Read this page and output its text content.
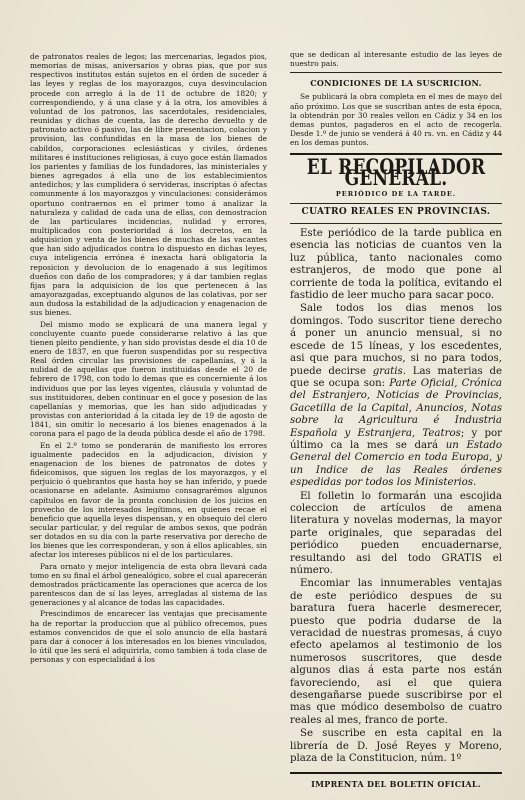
de patronatos reales de legos; las mercenarias, legados pios, memorias de misas, aniversarios y obras pias, que por sus respectivos institutos están sujetos en el órden de suceder á las leyes y reglas de los mayorazgos, cuya desvinculacion procede con arreglo á la de 11 de octubre de 1820; y correspondiendo, y á una clase y á la otra, los amovibles á voluntad de los patronos, las sacerdotales, residenciales, reunidas y dichas de cuenta, las de derecho devuelto y de patronato activo ó pasivo, las de libre presentacion, colacion y provision, las confundidas en la masa de los bienes de cabildos, corporaciones eclesiásticas y civiles, órdenes militares é instituciones religiosas, á cuyo goce están llamados los parientes y familias de los fundadores, las ministeriales y bienes agregados á ella uno de los establecimientos antedichos; y las cumplidera ó servideras, inscriptas ó afectas comunmente á los mayorazgos y vinculaciones: considerámos oportuno contraernos en el primer tomo á analizar la naturaleza y calidad de cada una de ellas, con demostracion de las particulares incidencias, nulidad y errores, multiplicados con posterioridad á los decretos, en la adquisicion y venta de los bienes de muchas de las vacantes que han sido adjudicados contra lo dispuesto en dichas leyes, cuya inteligencia errónea é inexacta hará obligatoria la reposicion y devolucion de lo enagenado á sus legítimos dueños con daño de los compradores; y á dar tambien reglas fijas para la adquisicion de los que pertenecen á las amayorazgadas, exceptuando algunos de las colativas, por ser aun dudosa la estabilidad de la adjudicacion y enagenacion de sus bienes.

Del mismo modo se explicará de una manera legal y concluyente cuanto puede considerarse relativo á las que tienen pleito pendiente, y han sido provistas desde el dia 10 de enero de 1837, en que fueron suspendidas por su respectiva Real órden circular las provisiones de capellanías, y á la nulidad de aquellas que fueron instituidas desde el 20 de febrero de 1798, con todo lo demas que es concerniente á los individuos que por las leyes vigentes, cláusula y voluntad de sus instituidores, deben continuar en el goce y posesion de las capellanías y memorias, que les han sido adjudicadas y provistas con anterioridad á la citada ley de 19 de agosto de 1841, sin omitir lo necesario á los bienes enagenados á la corona para el pago de la deuda pública desde el año de 1798.

En el 2.º tomo se ponderarán de manifiesto los errores igualmente padecidos en la adjudicacion, division y enagenacion de los bienes de patronatos de dotes y fideicomisos, que siguen los reglas de los mayorazgos, y el perjuicio ó quebrantos que hasta hoy se han inferido, y puede ocasionarse en adelante. Asimismo consagrarémos algunos capítulos en favor de la pronta conclusion de los juicios en provecho de los interesados legítimos, en quienes recae el beneficio que aquella leyes dispensan, y en obsequio del clero secular particular, y del regular de ambos sexos, que podrán ser dotados en su dia con la parte reservativa por derecho de los bienes que les corresponderan, y son á ellos aplicables, sin afectar los intereses públicos ni el de los particulares.

Para ornato y mejor inteligencia de esta obra llevará cada tomo en su final el árbol genealógico, sobre el cual aparecerán demostrados prácticamente las operaciones que acerca de los parentescos dan de sí las leyes, arregladas al sistema de las generaciones y al alcance de todas las capacidades.

Prescindimos de encarecer las ventajas que precisamente ha de reportar la produccion que al público ofrecemos, pues estamos convencidos de que el solo anuncio de ella bastará para dar á conocer á los interesados en los bienes vinculados, lo útil que les será el adquirirla, como tambien á toda clase de personas y con especialidad á los

que se dedican al interesante estudio de las leyes de nuestro pais.

CONDICIONES DE LA SUSCRICION.

Se publicará la obra completa en el mes de mayo del año próximo. Los que se suscriban antes de esta época, la obtendrán por 30 reales vellon en Cádiz y 34 en los demas puntos, pagaderos en el acto de recogerla. Desde 1.º de junio se venderá á 40 rs. vn. en Cádiz y 44 en los demas puntos.

EL RECOPILADOR GENERAL.
PERIÓDICO DE LA TARDE.
CUATRO REALES EN PROVINCIAS.

Este periódico de la tarde publica en esencia las noticias de cuantos ven la luz pública, tanto nacionales como estranjeros, de modo que pone al corriente de toda la política, evitando el fastidio de leer mucho para sacar poco.

Sale todos los dias menos los domingos. Todo suscritor tiene derecho á poner un anuncio mensual, si no escede de 15 líneas, y los escedentes, asi que para muchos, si no para todos, puede decirse gratis. Las materias de que se ocupa son: Parte Oficial, Crónica del Estranjero, Noticias de Provincias, Gacetilla de la Capital, Anuncios, Notas sobre la Agricultura é Industria Española y Estranjera, Teatros; y por último ca la mes se dará un Estado General del Comercio en toda Europa, y un Indice de las Reales órdenes espedidas por todos los Ministerios.

El folletin lo formarán una escojida coleccion de artículos de amena literatura y novelas modernas, la mayor parte originales, que separadas del periódico pueden encuadernarse, resultando asi del todo GRATIS el número.

Encomiar las innumerables ventajas de este periódico despues de su baratura fuera hacerle desmerecer, puesto que podria dudarse de la veracidad de nuestras promesas, á cuyo efecto apelamos al testimonio de los numerosos suscritores, que desde algunos dias á esta parte nos están favoreciendo, asi el que quiera desengañarse puede suscribirse por el mas que módico desembolso de cuatro reales al mes, franco de porte.

Se suscribe en esta capital en la librería de D. José Reyes y Moreno, plaza de la Constitucion, núm. 1º

IMPRENTA DEL BOLETIN OFICIAL.
